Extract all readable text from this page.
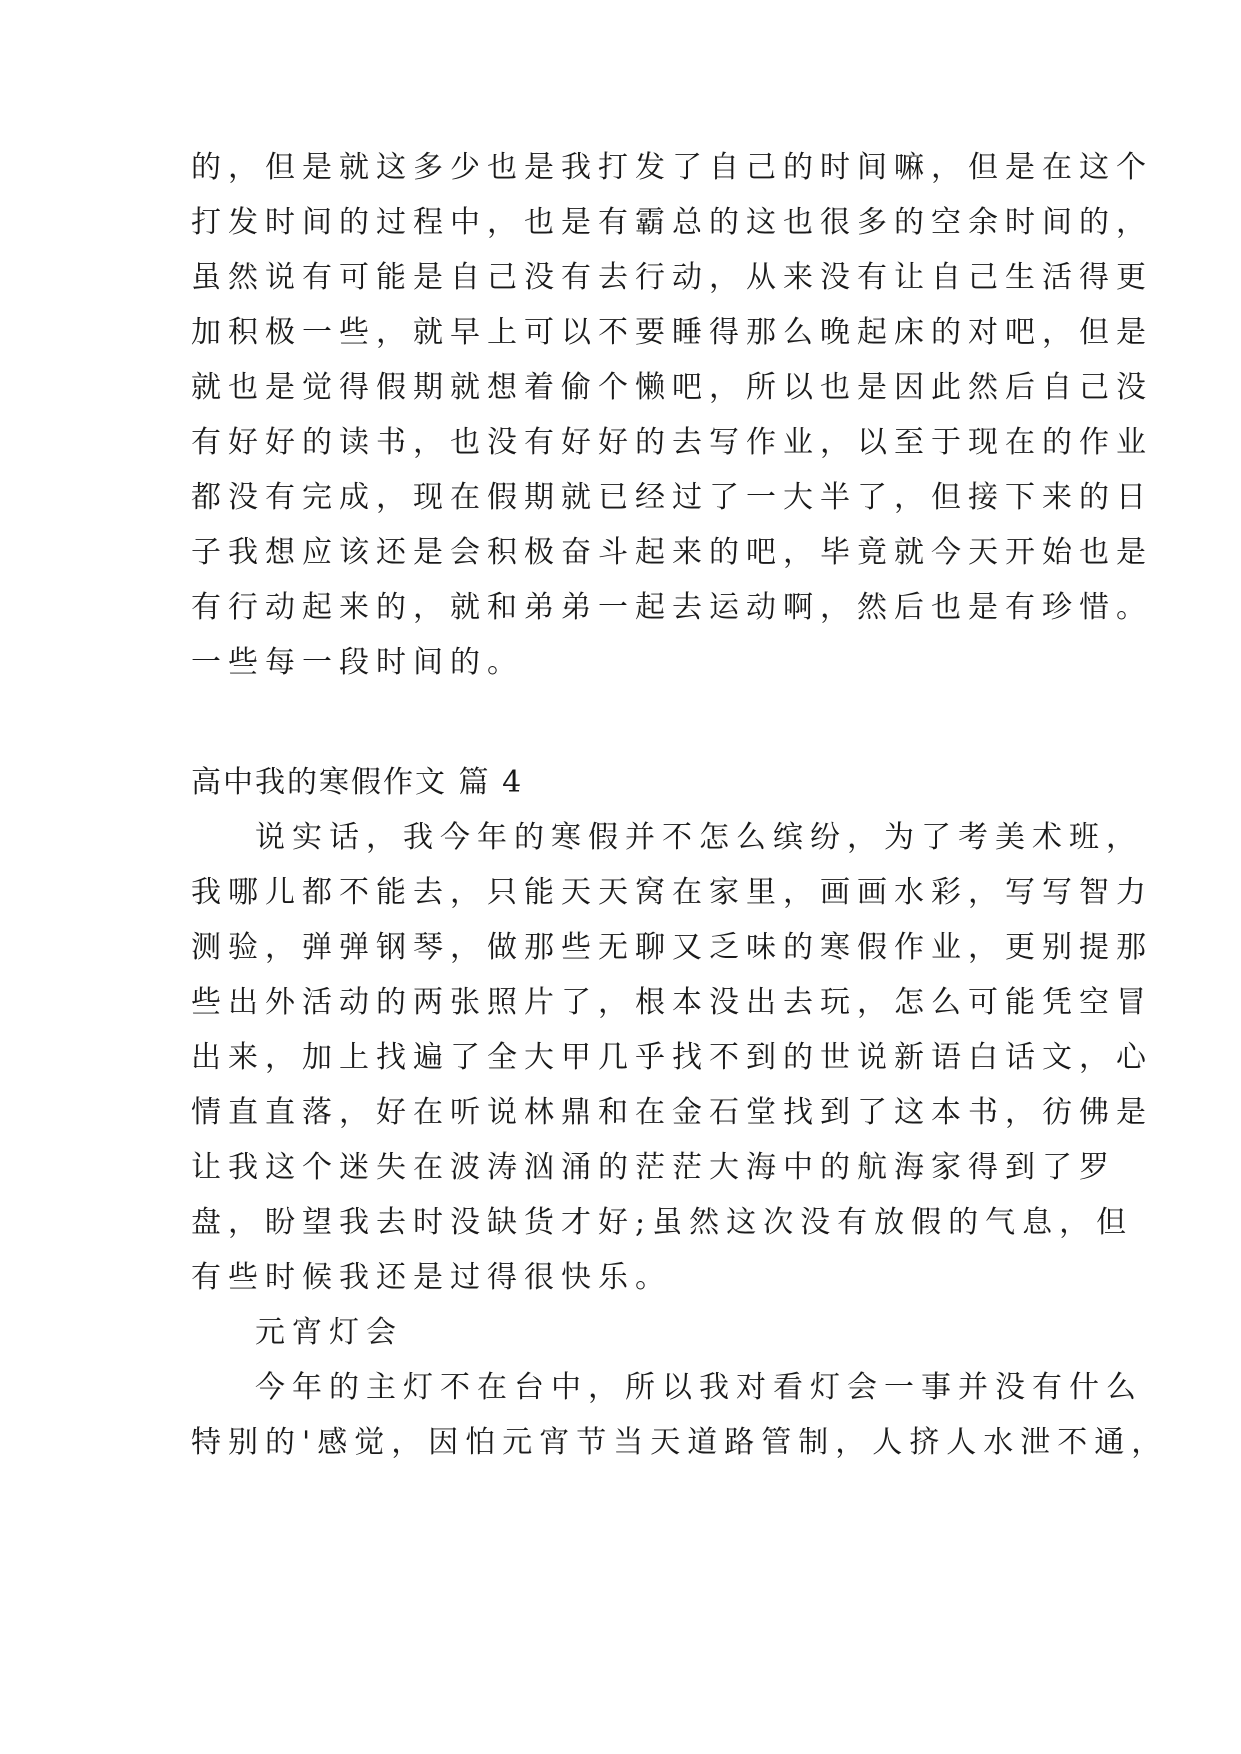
的，但是就这多少也是我打发了自己的时间嘛，但是在这个
打发时间的过程中，也是有霸总的这也很多的空余时间的，
虽然说有可能是自己没有去行动，从来没有让自己生活得更
加积极一些，就早上可以不要睡得那么晚起床的对吧，但是
就也是觉得假期就想着偷个懒吧，所以也是因此然后自己没
有好好的读书，也没有好好的去写作业，以至于现在的作业
都没有完成，现在假期就已经过了一大半了，但接下来的日
子我想应该还是会积极奋斗起来的吧，毕竟就今天开始也是
有行动起来的，就和弟弟一起去运动啊，然后也是有珍惜。
一些每一段时间的。
高中我的寒假作文 篇 4
说实话，我今年的寒假并不怎么缤纷，为了考美术班，
我哪儿都不能去，只能天天窝在家里，画画水彩，写写智力
测验，弹弹钢琴，做那些无聊又乏味的寒假作业，更别提那
些出外活动的两张照片了，根本没出去玩，怎么可能凭空冒
出来，加上找遍了全大甲几乎找不到的世说新语白话文，心
情直直落，好在听说林鼎和在金石堂找到了这本书，彷佛是
让我这个迷失在波涛汹涌的茫茫大海中的航海家得到了罗
盘，盼望我去时没缺货才好;虽然这次没有放假的气息，但
有些时候我还是过得很快乐。
元宵灯会
今年的主灯不在台中，所以我对看灯会一事并没有什么
特别的'感觉，因怕元宵节当天道路管制，人挤人水泄不通，
